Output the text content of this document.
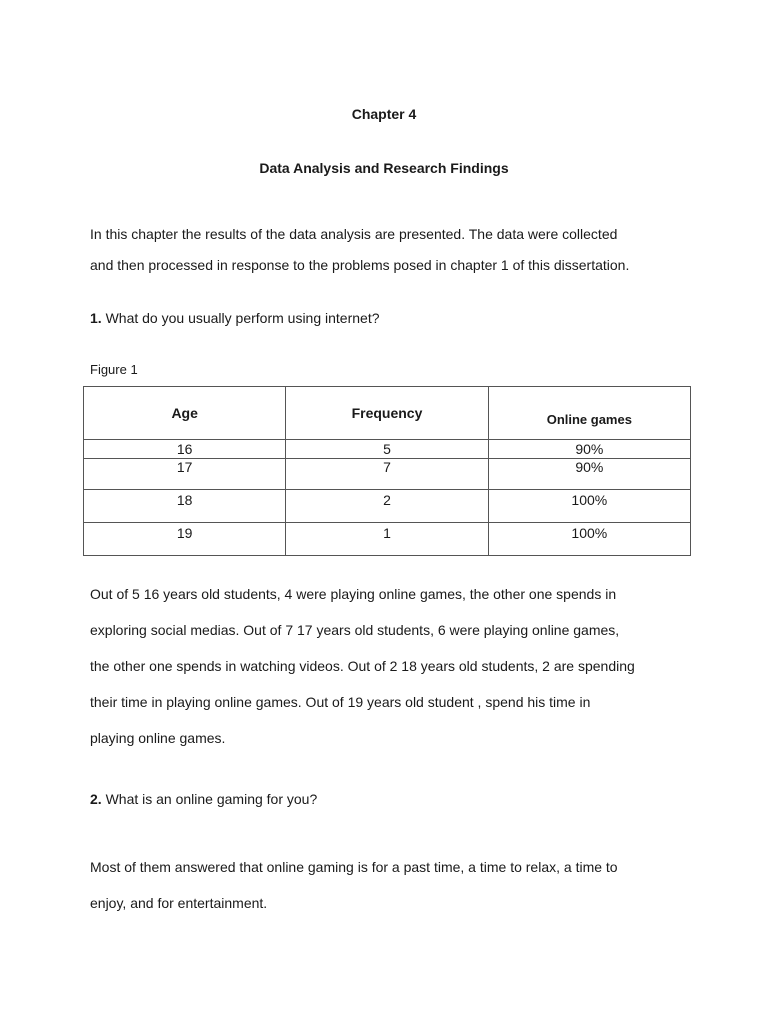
Chapter 4

Data Analysis and Research Findings

In this chapter the results of the data analysis are presented. The data were collected
and then processed in response to the problems posed in chapter 1 of this dissertation.

1. What do you usually perform using internet?

Figure 1

Age	Frequency	Online games
16	5	90%
17	7	90%
18	2	100%
19	1	100%
Out of 5 16 years old students, 4 were playing online games, the other one spends in
exploring social medias. Out of 7 17 years old students, 6 were playing online games,
the other one spends in watching videos. Out of 2 18 years old students, 2 are spending
their time in playing online games. Out of 19 years old student , spend his time in
playing online games.

2. What is an online gaming for you?

Most of them answered that online gaming is for a past time, a time to relax, a time to
enjoy, and for entertainment.
